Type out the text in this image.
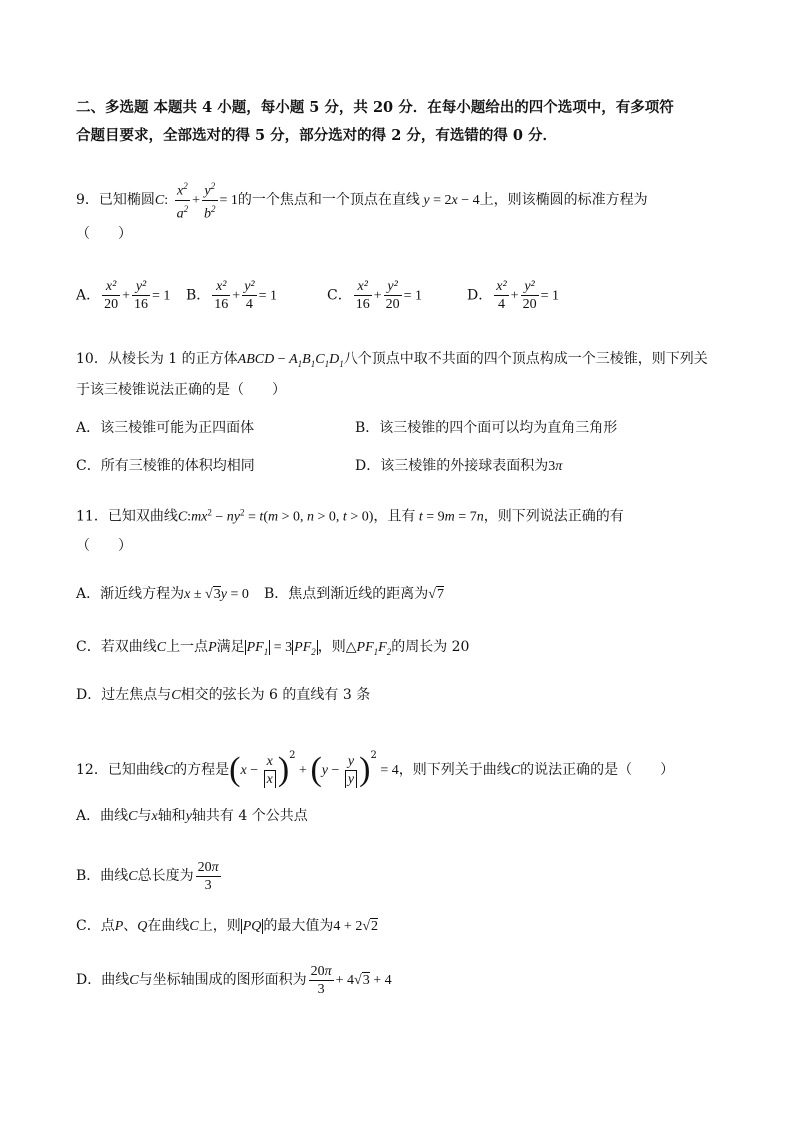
二、多选题 本题共 4 小题，每小题 5 分，共 20 分．在每小题给出的四个选项中，有多项符
合题目要求，全部选对的得 5 分，部分选对的得 2 分，有选错的得 0 分．
9．已知椭圆C: $\frac{x^2}{a^2} + \frac{y^2}{b^2} = 1$的一个焦点和一个顶点在直线 y = 2x − 4上，则该椭圆的标准方程为
（　　）
A． $\frac{\text{x²}}{20} + \frac{\text{y²}}{16} = 1$ B． $\frac{\text{x²}}{16} + \frac{\text{y²}}{4} = 1$	C． $\frac{\text{x²}}{16} + \frac{\text{y²}}{20} = 1$	D． $\frac{\text{x²}}{4} + \frac{\text{y²}}{20} = 1$
10．从棱长为 1 的正方体ABCD − $A_1B_1C_1D_1$八个顶点中取不共面的四个顶点构成一个三棱锥，则下列关
于该三棱锥说法正确的是（　　）
A．该三棱锥可能为正四面体	B．该三棱锥的四个面可以均为直角三角形
C．所有三棱锥的体积均相同	D．该三棱锥的外接球表面积为3π
11．已知双曲线$C:mx^2 - ny^2 = t(m > 0$, n > 0, t > 0)，且有 t = 9m = 7n，则下列说法正确的有
（　　）
A．渐近线方程为x ± √3y = 0 B．焦点到渐近线的距离为√7
C．若双曲线C上一点P满足 $PF_1 = 3$ $PF_2$ ，则$\triangle PF_1F_2$的周长为 20
D．过左焦点与C相交的弦长为 6 的直线有 3 条
12．已知曲线C的方程是$(x - \frac{x}{x} )^2 + (y - \frac{y}{y} )^2 = 4$，则下列关于曲线C的说法正确的是（　　）
A．曲线C与x轴和y轴共有 4 个公共点
B．曲线C总长度为 $\frac{20\pi}{3}$
C．点P、Q在曲线C上，则 PQ 的最大值为4 + 2√2
D．曲线C与坐标轴围成的图形面积为 $\frac{20\pi}{3} + 4√3 + 4$
